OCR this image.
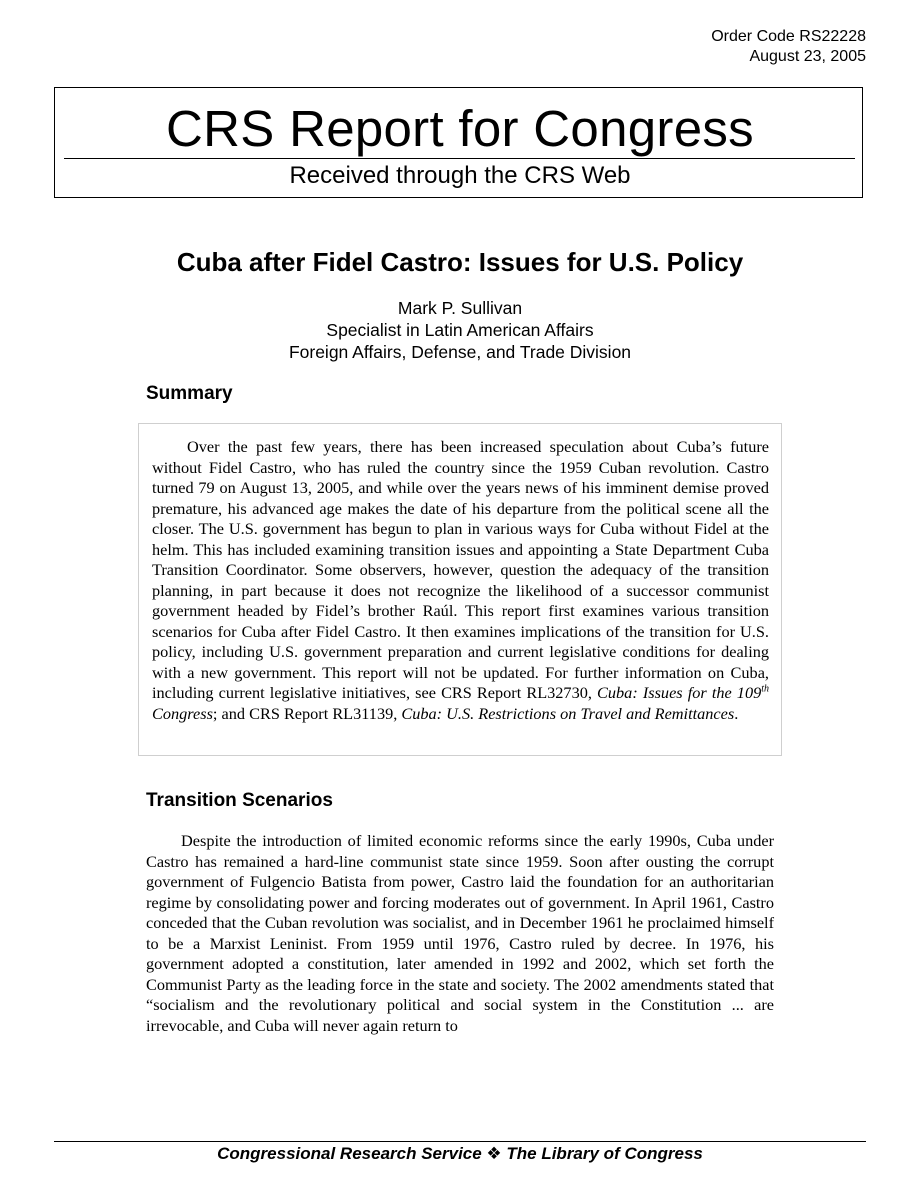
Order Code RS22228
August 23, 2005
CRS Report for Congress
Received through the CRS Web
Cuba after Fidel Castro: Issues for U.S. Policy
Mark P. Sullivan
Specialist in Latin American Affairs
Foreign Affairs, Defense, and Trade Division
Summary

Over the past few years, there has been increased speculation about Cuba’s future without Fidel Castro, who has ruled the country since the 1959 Cuban revolution. Castro turned 79 on August 13, 2005, and while over the years news of his imminent demise proved premature, his advanced age makes the date of his departure from the political scene all the closer. The U.S. government has begun to plan in various ways for Cuba without Fidel at the helm. This has included examining transition issues and appointing a State Department Cuba Transition Coordinator. Some observers, however, question the adequacy of the transition planning, in part because it does not recognize the likelihood of a successor communist government headed by Fidel’s brother Raúl. This report first examines various transition scenarios for Cuba after Fidel Castro. It then examines implications of the transition for U.S. policy, including U.S. government preparation and current legislative conditions for dealing with a new government. This report will not be updated. For further information on Cuba, including current legislative initiatives, see CRS Report RL32730, Cuba: Issues for the 109th Congress; and CRS Report RL31139, Cuba: U.S. Restrictions on Travel and Remittances.

Transition Scenarios

Despite the introduction of limited economic reforms since the early 1990s, Cuba under Castro has remained a hard-line communist state since 1959. Soon after ousting the corrupt government of Fulgencio Batista from power, Castro laid the foundation for an authoritarian regime by consolidating power and forcing moderates out of government. In April 1961, Castro conceded that the Cuban revolution was socialist, and in December 1961 he proclaimed himself to be a Marxist Leninist. From 1959 until 1976, Castro ruled by decree. In 1976, his government adopted a constitution, later amended in 1992 and 2002, which set forth the Communist Party as the leading force in the state and society. The 2002 amendments stated that “socialism and the revolutionary political and social system in the Constitution ... are irrevocable, and Cuba will never again return to

Congressional Research Service ❖ The Library of Congress
